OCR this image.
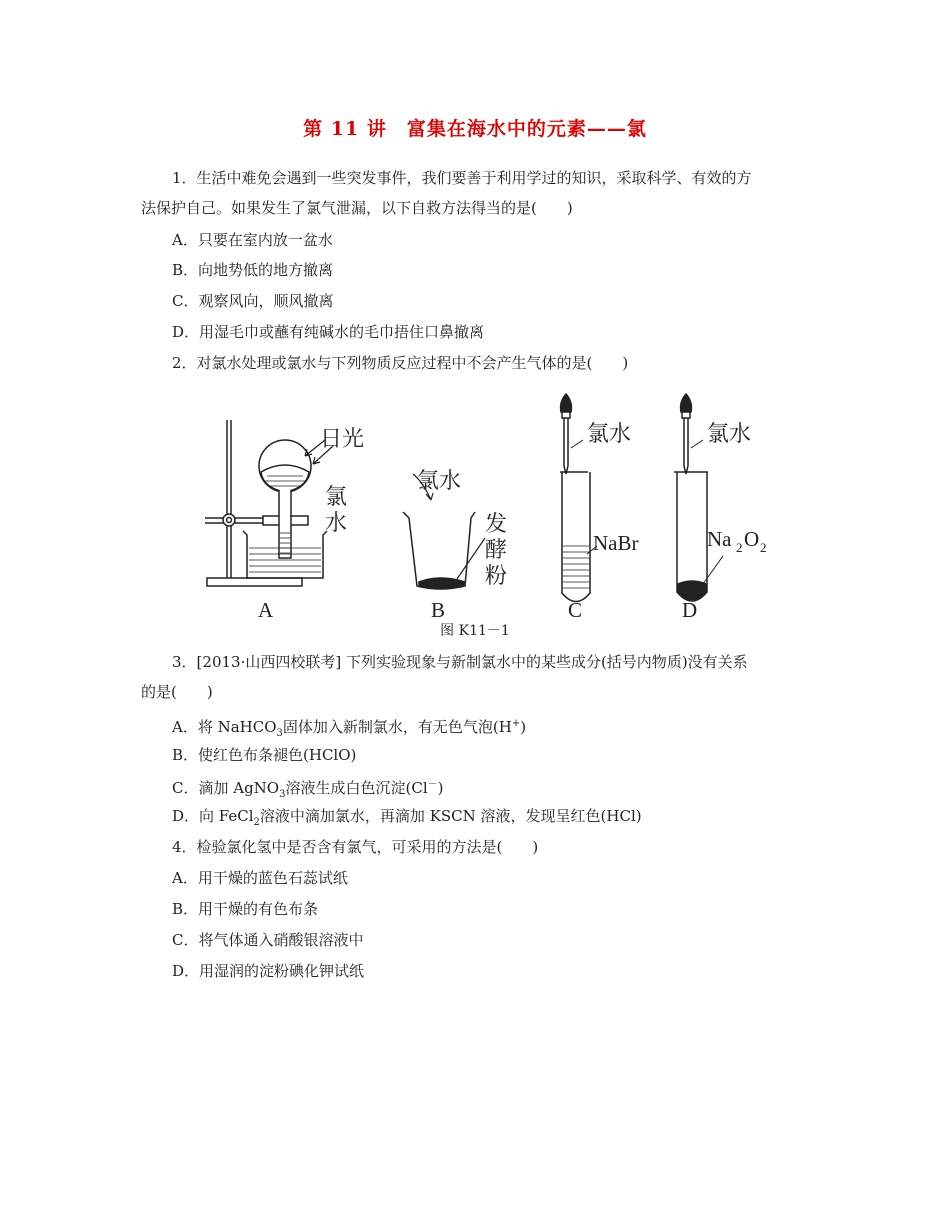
第 11 讲　富集在海水中的元素——氯
1．生活中难免会遇到一些突发事件，我们要善于利用学过的知识，采取科学、有效的方
法保护自己。如果发生了氯气泄漏，以下自救方法得当的是(　　)
A．只要在室内放一盆水
B．向地势低的地方撤离
C．观察风向，顺风撤离
D．用湿毛巾或蘸有纯碱水的毛巾捂住口鼻撤离
2．对氯水处理或氯水与下列物质反应过程中不会产生气体的是(　　)
日光
氯
水
氯水
发
酵
粉
氯水
NaBr
氯水
Na 2 O 2
A	B	C	D
图 K11－1
3．[2013·山西四校联考] 下列实验现象与新制氯水中的某些成分(括号内物质)没有关系
的是(　　)
A．将 NaHCO$_3$固体加入新制氯水，有无色气泡(H+)
B．使红色布条褪色(HClO)
C．滴加 AgNO$_3$溶液生成白色沉淀(Cl－)
D．向 FeCl$_2$溶液中滴加氯水，再滴加 KSCN 溶液，发现呈红色(HCl)
4．检验氯化氢中是否含有氯气，可采用的方法是(　　)
A．用干燥的蓝色石蕊试纸
B．用干燥的有色布条
C．将气体通入硝酸银溶液中
D．用湿润的淀粉碘化钾试纸
